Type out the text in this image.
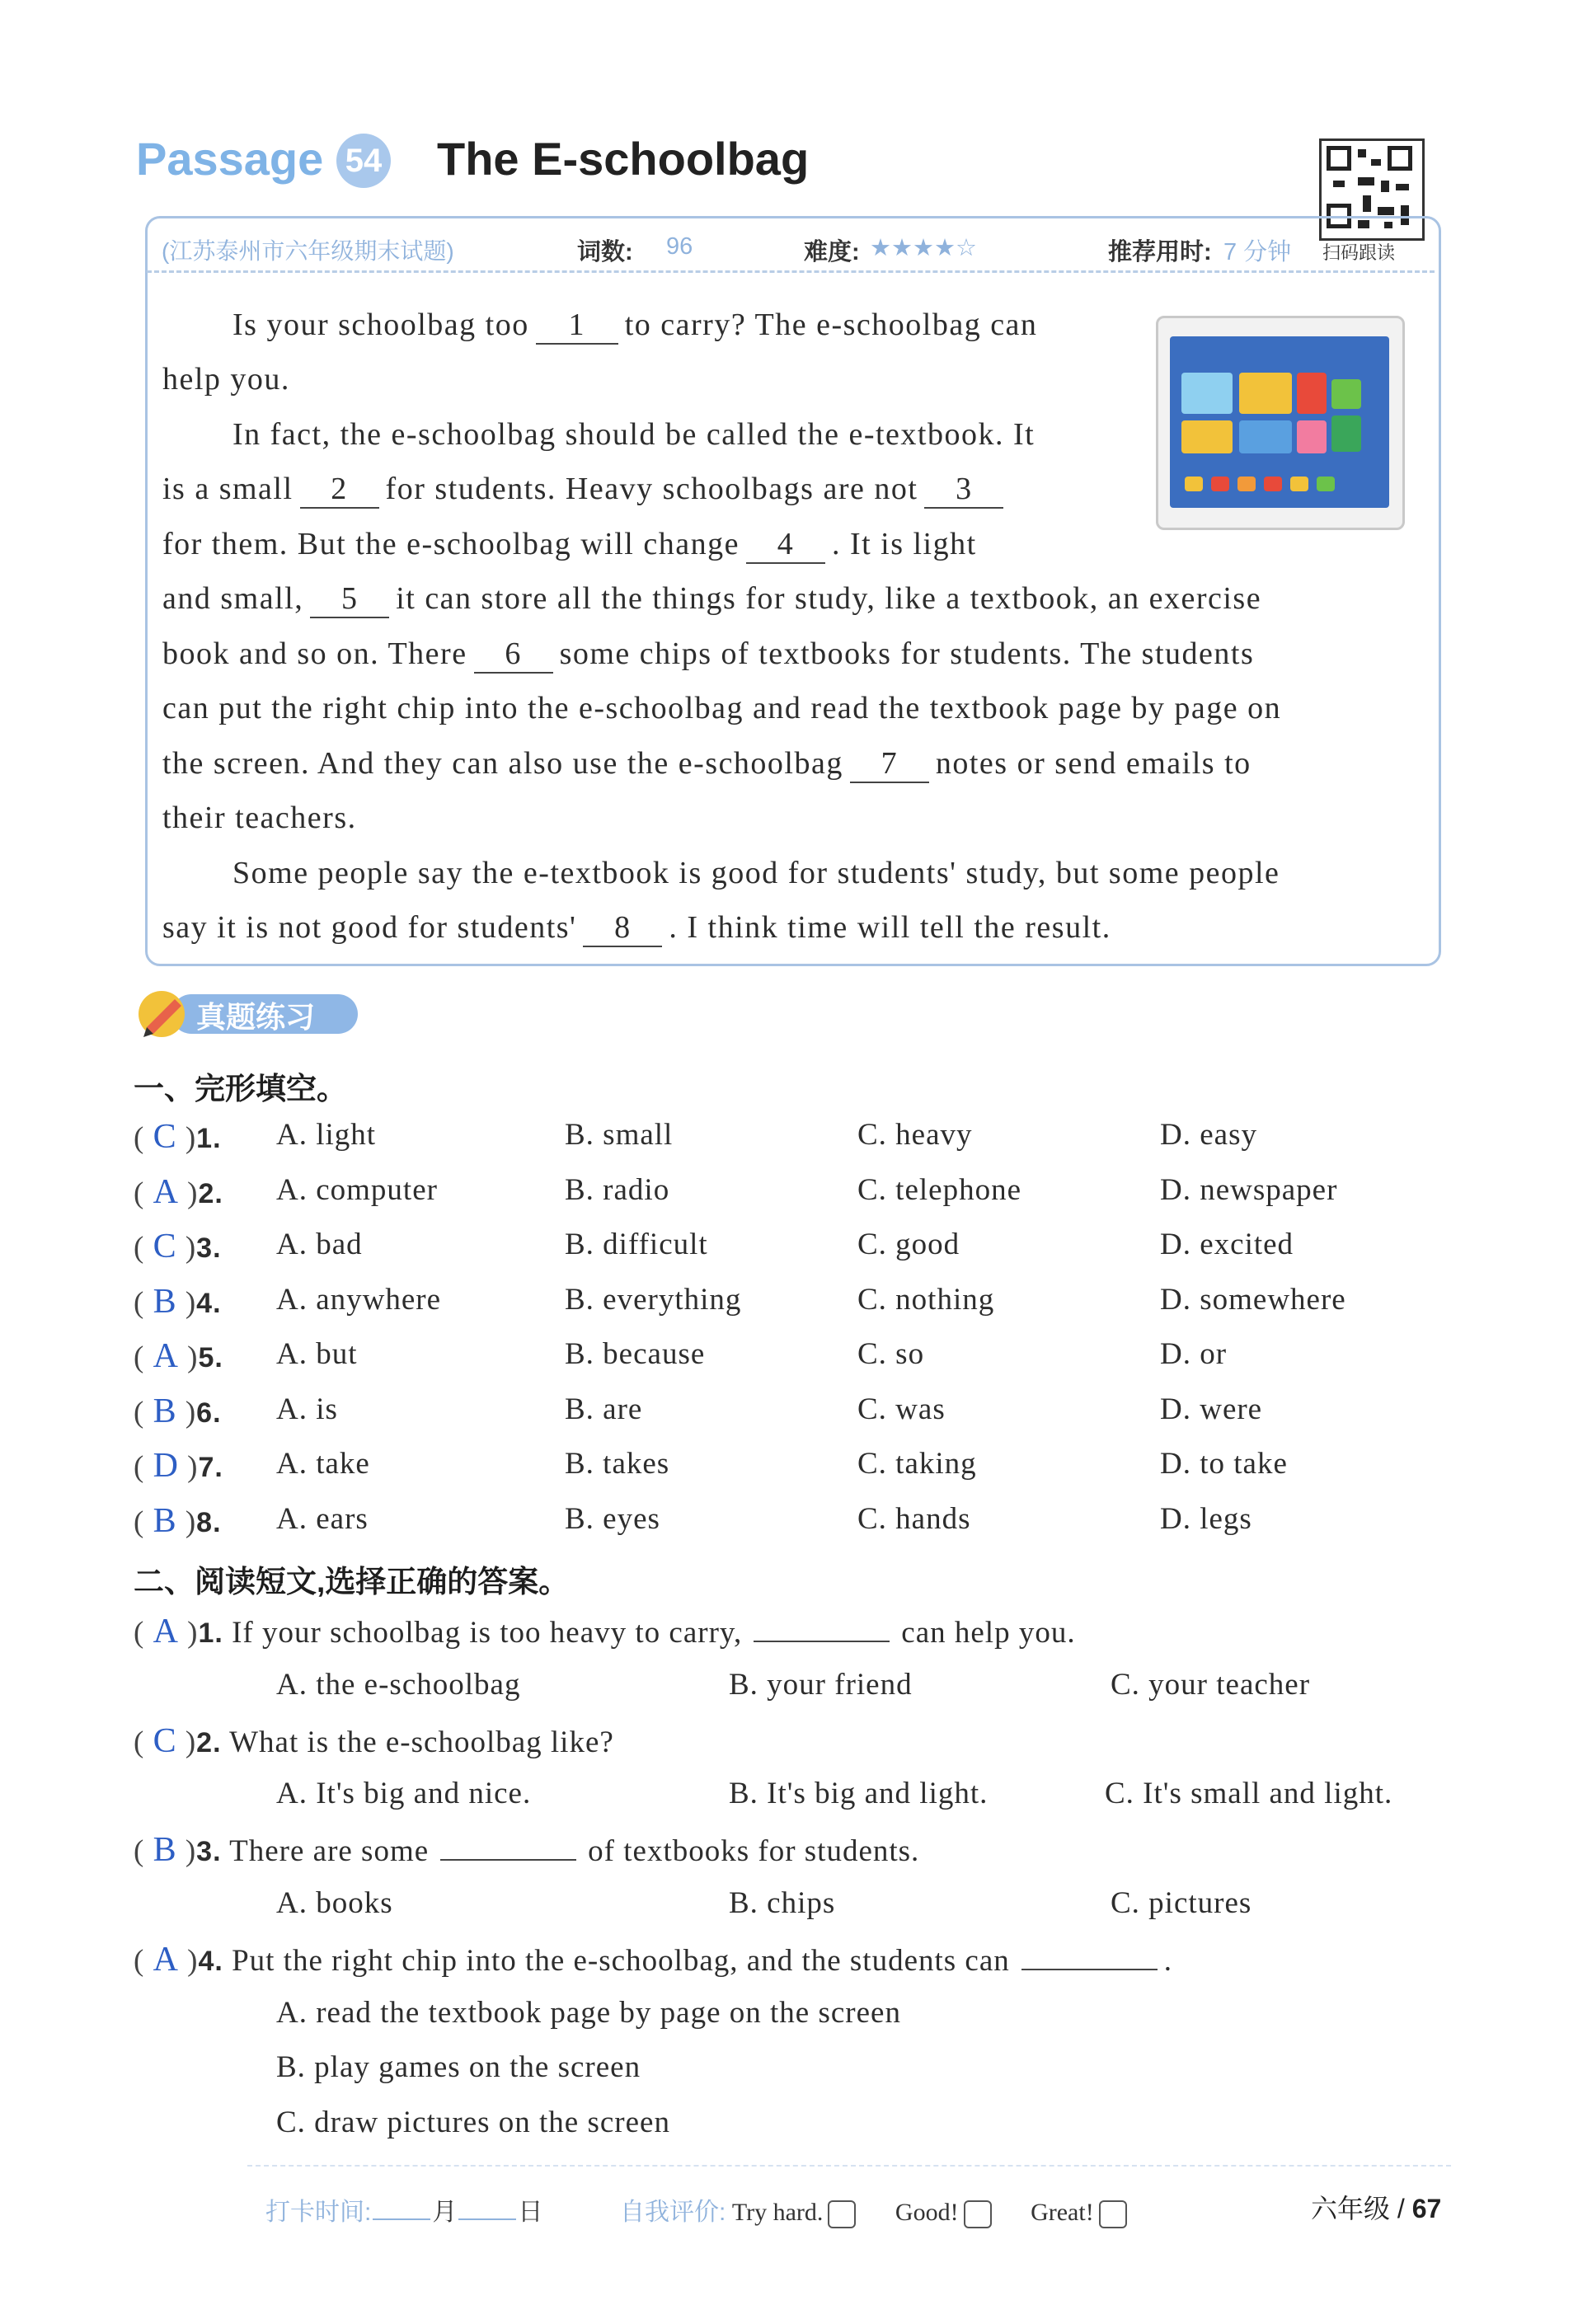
Passage 54 The E-schoolbag
扫码跟读
(江苏泰州市六年级期末试题)	词数: 96	难度: ★★★★☆	推荐用时: 7 分钟
Is your schoolbag too 1 to carry? The e-schoolbag can
help you.
In fact, the e-schoolbag should be called the e-textbook. It
is a small 2 for students. Heavy schoolbags are not 3
for them. But the e-schoolbag will change 4 . It is light
and small, 5 it can store all the things for study, like a textbook, an exercise
book and so on. There 6 some chips of textbooks for students. The students
can put the right chip into the e-schoolbag and read the textbook page by page on
the screen. And they can also use the e-schoolbag 7 notes or send emails to
their teachers.
Some people say the e-textbook is good for students' study, but some people
say it is not good for students' 8 . I think time will tell the result.
真题练习
一、完形填空。
( C )1. A. light	B. small	C. heavy	D. easy
( A )2. A. computer	B. radio	C. telephone	D. newspaper
( C )3. A. bad	B. difficult	C. good	D. excited
( B )4. A. anywhere	B. everything	C. nothing	D. somewhere
( A )5. A. but	B. because	C. so	D. or
( B )6. A. is	B. are	C. was	D. were
( D )7. A. take	B. takes	C. taking	D. to take
( B )8. A. ears	B. eyes	C. hands	D. legs
二、阅读短文,选择正确的答案。
( A )1. If your schoolbag is too heavy to carry,	can help you.
A. the e-schoolbag	B. your friend	C. your teacher
( C )2. What is the e-schoolbag like?
A. It's big and nice.	B. It's big and light.	C. It's small and light.
( B )3. There are some	of textbooks for students.
A. books	B. chips	C. pictures
( A )4. Put the right chip into the e-schoolbag, and the students can	.
A. read the textbook page by page on the screen
B. play games on the screen
C. draw pictures on the screen
打卡时间: 月 日	自我评价: Try hard.	Good!	Great!	六年级 / 67
